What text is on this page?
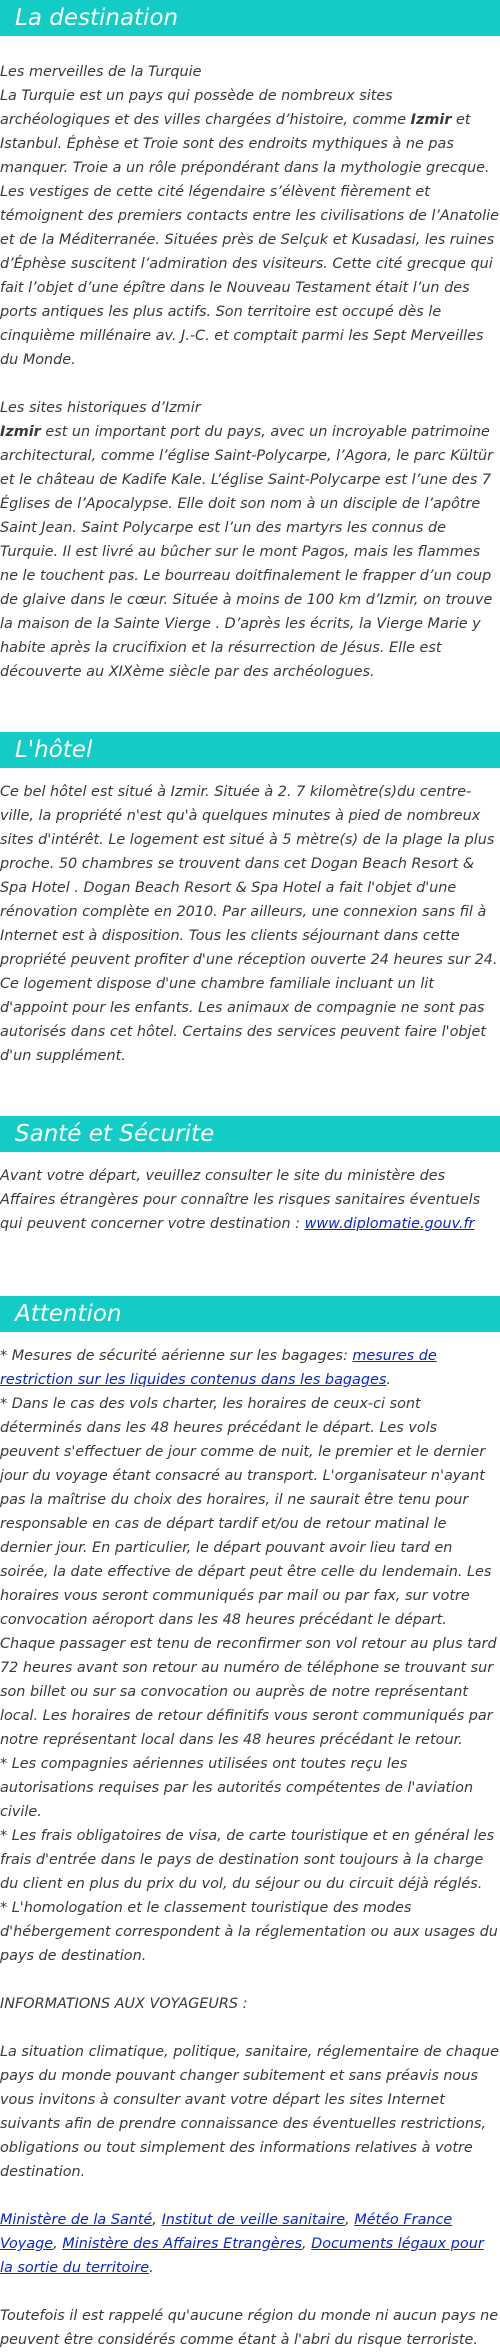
La destination

Les merveilles de la Turquie

La Turquie est un pays qui possède de nombreux sites archéologiques et des villes chargées d’histoire, comme Izmir et Istanbul. Éphèse et Troie sont des endroits mythiques à ne pas manquer. Troie a un rôle prépondérant dans la mythologie grecque. Les vestiges de cette cité légendaire s’élèvent fièrement et témoignent des premiers contacts entre les civilisations de l’Anatolie et de la Méditerranée. Situées près de Selçuk et Kusadasi, les ruines d’Éphèse suscitent l’admiration des visiteurs. Cette cité grecque qui fait l’objet d’une épître dans le Nouveau Testament était l’un des ports antiques les plus actifs. Son territoire est occupé dès le cinquième millénaire av. J.-C. et comptait parmi les Sept Merveilles du Monde.

Les sites historiques d’Izmir

Izmir est un important port du pays, avec un incroyable patrimoine architectural, comme l’église Saint-Polycarpe, l’Agora, le parc Kültür et le château de Kadife Kale. L’église Saint-Polycarpe est l’une des 7 Églises de l’Apocalypse. Elle doit son nom à un disciple de l’apôtre Saint Jean. Saint Polycarpe est l’un des martyrs les connus de Turquie. Il est livré au bûcher sur le mont Pagos, mais les flammes ne le touchent pas. Le bourreau doitfinalement le frapper d’un coup de glaive dans le cœur. Située à moins de 100 km d’Izmir, on trouve la maison de la Sainte Vierge . D’après les écrits, la Vierge Marie y habite après la crucifixion et la résurrection de Jésus. Elle est découverte au XIXème siècle par des archéologues.

L'hôtel

Ce bel hôtel est situé à Izmir. Située à 2. 7 kilomètre(s)du centre-ville, la propriété n'est qu'à quelques minutes à pied de nombreux sites d'intérêt. Le logement est situé à 5 mètre(s) de la plage la plus proche. 50 chambres se trouvent dans cet Dogan Beach Resort & Spa Hotel . Dogan Beach Resort & Spa Hotel a fait l'objet d'une rénovation complète en 2010. Par ailleurs, une connexion sans fil à Internet est à disposition. Tous les clients séjournant dans cette propriété peuvent profiter d'une réception ouverte 24 heures sur 24. Ce logement dispose d'une chambre familiale incluant un lit d'appoint pour les enfants. Les animaux de compagnie ne sont pas autorisés dans cet hôtel. Certains des services peuvent faire l'objet d'un supplément.

Santé et Sécurite

Avant votre départ, veuillez consulter le site du ministère des Affaires étrangères pour connaître les risques sanitaires éventuels qui peuvent concerner votre destination : www.diplomatie.gouv.fr

Attention

* Mesures de sécurité aérienne sur les bagages: mesures de restriction sur les liquides contenus dans les bagages.

* Dans le cas des vols charter, les horaires de ceux-ci sont déterminés dans les 48 heures précédant le départ. Les vols peuvent s'effectuer de jour comme de nuit, le premier et le dernier jour du voyage étant consacré au transport. L'organisateur n'ayant pas la maîtrise du choix des horaires, il ne saurait être tenu pour responsable en cas de départ tardif et/ou de retour matinal le dernier jour. En particulier, le départ pouvant avoir lieu tard en soirée, la date effective de départ peut être celle du lendemain. Les horaires vous seront communiqués par mail ou par fax, sur votre convocation aéroport dans les 48 heures précédant le départ. Chaque passager est tenu de reconfirmer son vol retour au plus tard 72 heures avant son retour au numéro de téléphone se trouvant sur son billet ou sur sa convocation ou auprès de notre représentant local. Les horaires de retour définitifs vous seront communiqués par notre représentant local dans les 48 heures précédant le retour.

* Les compagnies aériennes utilisées ont toutes reçu les autorisations requises par les autorités compétentes de l'aviation civile.

* Les frais obligatoires de visa, de carte touristique et en général les frais d'entrée dans le pays de destination sont toujours à la charge du client en plus du prix du vol, du séjour ou du circuit déjà réglés.

* L'homologation et le classement touristique des modes d'hébergement correspondent à la réglementation ou aux usages du pays de destination.

INFORMATIONS AUX VOYAGEURS :

La situation climatique, politique, sanitaire, réglementaire de chaque pays du monde pouvant changer subitement et sans préavis nous vous invitons à consulter avant votre départ les sites Internet suivants afin de prendre connaissance des éventuelles restrictions, obligations ou tout simplement des informations relatives à votre destination.

Ministère de la Santé, Institut de veille sanitaire, Météo France Voyage, Ministère des Affaires Etrangères, Documents légaux pour la sortie du territoire.

Toutefois il est rappelé qu'aucune région du monde ni aucun pays ne peuvent être considérés comme étant à l'abri du risque terroriste.
